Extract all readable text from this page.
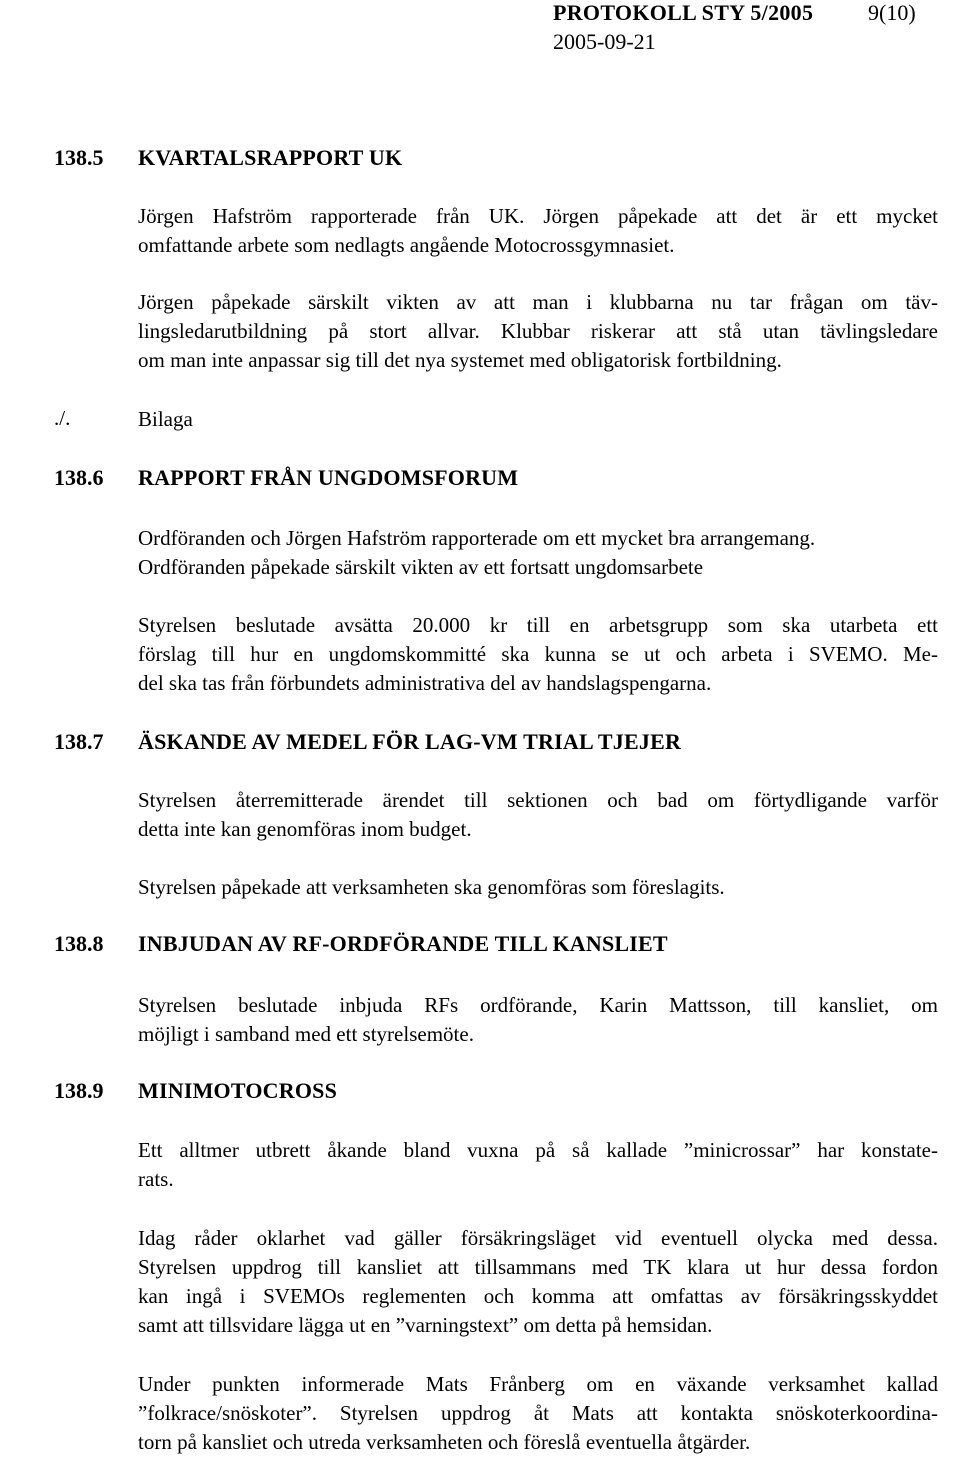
PROTOKOLL STY 5/2005 9(10)
2005-09-21
138.5 KVARTALSRAPPORT UK
Jörgen Hafström rapporterade från UK. Jörgen påpekade att det är ett mycket
omfattande arbete som nedlagts angående Motocrossgymnasiet.
Jörgen påpekade särskilt vikten av att man i klubbarna nu tar frågan om täv-
lingsledarutbildning på stort allvar. Klubbar riskerar att stå utan tävlingsledare
om man inte anpassar sig till det nya systemet med obligatorisk fortbildning.
./.	Bilaga
138.6 RAPPORT FRÅN UNGDOMSFORUM
Ordföranden och Jörgen Hafström rapporterade om ett mycket bra arrangemang.
Ordföranden påpekade särskilt vikten av ett fortsatt ungdomsarbete
Styrelsen beslutade avsätta 20.000 kr till en arbetsgrupp som ska utarbeta ett
förslag till hur en ungdomskommitté ska kunna se ut och arbeta i SVEMO. Me-
del ska tas från förbundets administrativa del av handslagspengarna.
138.7 ÄSKANDE AV MEDEL FÖR LAG-VM TRIAL TJEJER
Styrelsen återremitterade ärendet till sektionen och bad om förtydligande varför
detta inte kan genomföras inom budget.
Styrelsen påpekade att verksamheten ska genomföras som föreslagits.
138.8 INBJUDAN AV RF-ORDFÖRANDE TILL KANSLIET
Styrelsen beslutade inbjuda RFs ordförande, Karin Mattsson, till kansliet, om
möjligt i samband med ett styrelsemöte.
138.9 MINIMOTOCROSS
Ett alltmer utbrett åkande bland vuxna på så kallade ”minicrossar” har konstate-
rats.
Idag råder oklarhet vad gäller försäkringsläget vid eventuell olycka med dessa.
Styrelsen uppdrog till kansliet att tillsammans med TK klara ut hur dessa fordon
kan ingå i SVEMOs reglementen och komma att omfattas av försäkringsskyddet
samt att tillsvidare lägga ut en ”varningstext” om detta på hemsidan.
Under punkten informerade Mats Frånberg om en växande verksamhet kallad
”folkrace/snöskoter”. Styrelsen uppdrog åt Mats att kontakta snöskoterkoordina-
torn på kansliet och utreda verksamheten och föreslå eventuella åtgärder.
